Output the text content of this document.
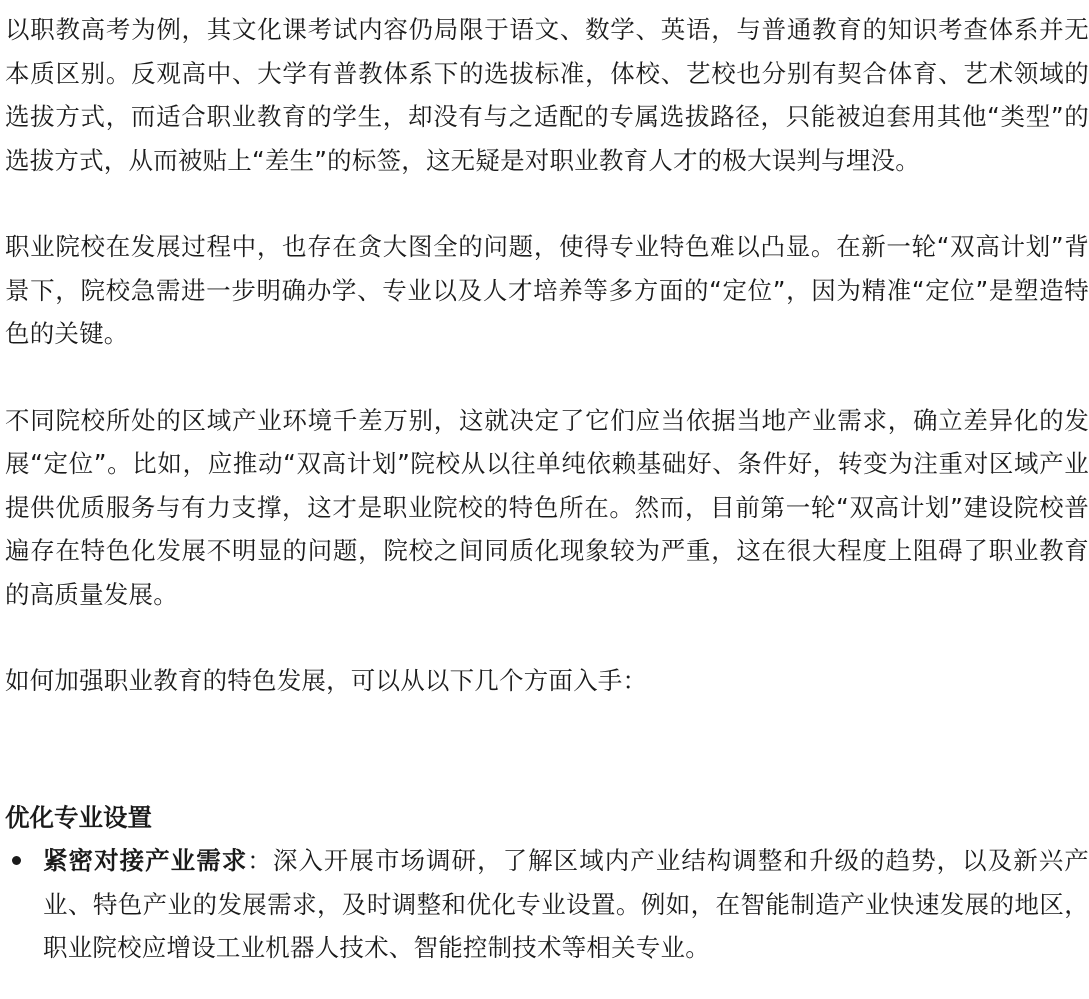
以职教高考为例，其文化课考试内容仍局限于语文、数学、英语，与普通教育的知识考查体系并无本质区别。反观高中、大学有普教体系下的选拔标准，体校、艺校也分别有契合体育、艺术领域的选拔方式，而适合职业教育的学生，却没有与之适配的专属选拔路径，只能被迫套用其他“类型”的选拔方式，从而被贴上“差生”的标签，这无疑是对职业教育人才的极大误判与埋没。

职业院校在发展过程中，也存在贪大图全的问题，使得专业特色难以凸显。在新一轮“双高计划”背景下，院校急需进一步明确办学、专业以及人才培养等多方面的“定位”，因为精准“定位”是塑造特色的关键。

不同院校所处的区域产业环境千差万别，这就决定了它们应当依据当地产业需求，确立差异化的发展“定位”。比如，应推动“双高计划”院校从以往单纯依赖基础好、条件好，转变为注重对区域产业提供优质服务与有力支撑，这才是职业院校的特色所在。然而，目前第一轮“双高计划”建设院校普遍存在特色化发展不明显的问题，院校之间同质化现象较为严重，这在很大程度上阻碍了职业教育的高质量发展。

如何加强职业教育的特色发展，可以从以下几个方面入手：

优化专业设置
紧密对接产业需求：深入开展市场调研，了解区域内产业结构调整和升级的趋势，以及新兴产业、特色产业的发展需求，及时调整和优化专业设置。例如，在智能制造产业快速发展的地区，职业院校应增设工业机器人技术、智能控制技术等相关专业。
